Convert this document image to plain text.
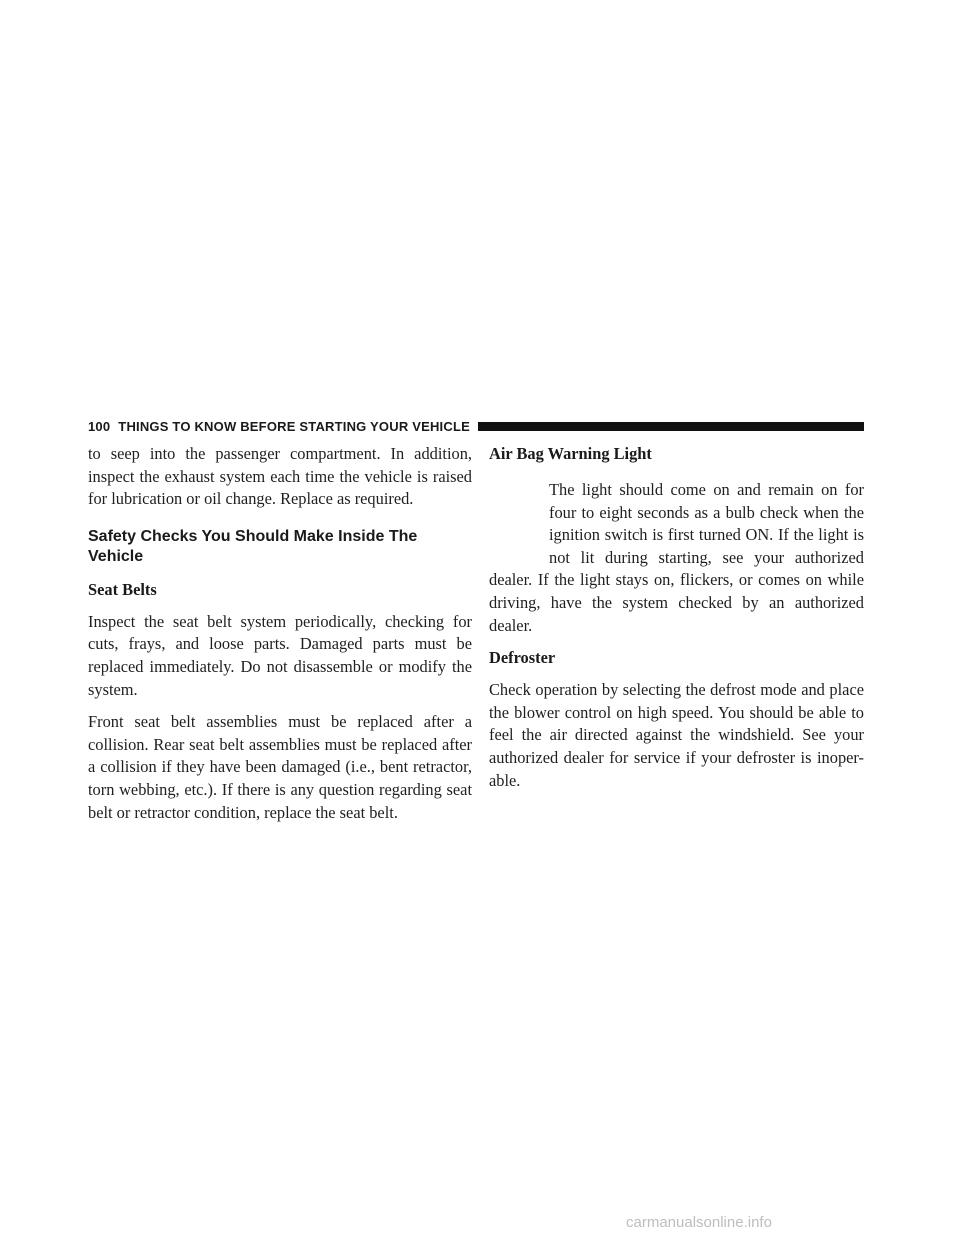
100 THINGS TO KNOW BEFORE STARTING YOUR VEHICLE

to seep into the passenger compartment. In addition, inspect the exhaust system each time the vehicle is raised for lubrication or oil change. Replace as required.

Safety Checks You Should Make Inside The Vehicle
Seat Belts

Inspect the seat belt system periodically, checking for cuts, frays, and loose parts. Damaged parts must be replaced immediately. Do not disassemble or modify the system.

Front seat belt assemblies must be replaced after a collision. Rear seat belt assemblies must be replaced after a collision if they have been damaged (i.e., bent retractor, torn webbing, etc.). If there is any question regarding seat belt or retractor condition, replace the seat belt.

Air Bag Warning Light

The light should come on and remain on for four to eight seconds as a bulb check when the ignition switch is first turned ON. If the light is not lit during starting, see your authorized dealer. If the light stays on, flickers, or comes on while driving, have the system checked by an authorized dealer.

Defroster

Check operation by selecting the defrost mode and place the blower control on high speed. You should be able to feel the air directed against the windshield. See your authorized dealer for service if your defroster is inoper-able.

carmanualsonline.info
